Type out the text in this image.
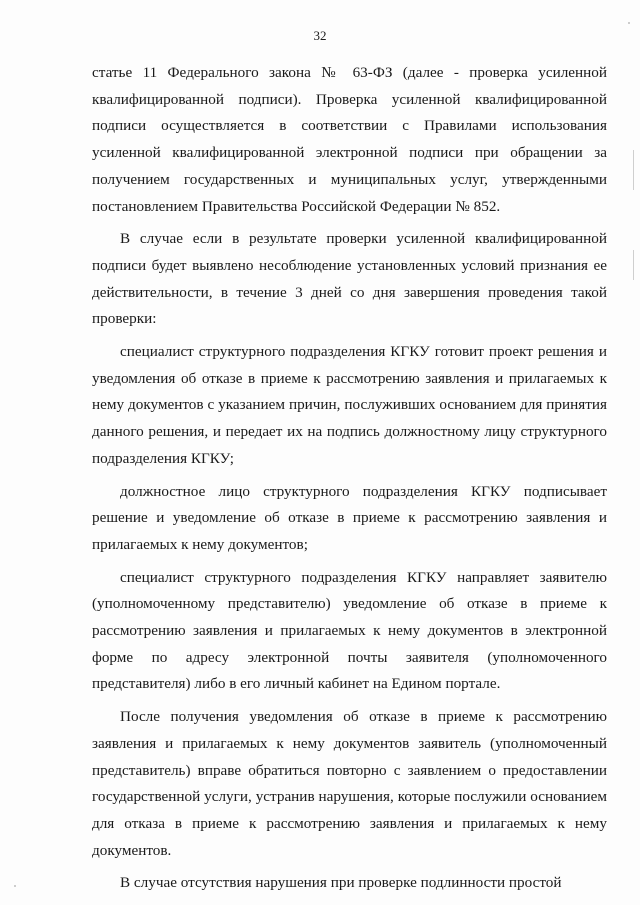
32

статье 11 Федерального закона № 63-ФЗ (далее - проверка усиленной квалифицированной подписи). Проверка усиленной квалифицированной подписи осуществляется в соответствии с Правилами использования усиленной квалифицированной электронной подписи при обращении за получением государственных и муниципальных услуг, утвержденными постановлением Правительства Российской Федерации № 852.

В случае если в результате проверки усиленной квалифицированной подписи будет выявлено несоблюдение установленных условий признания ее действительности, в течение 3 дней со дня завершения проведения такой проверки:

специалист структурного подразделения КГКУ готовит проект решения и уведомления об отказе в приеме к рассмотрению заявления и прилагаемых к нему документов с указанием причин, послуживших основанием для принятия данного решения, и передает их на подпись должностному лицу структурного подразделения КГКУ;

должностное лицо структурного подразделения КГКУ подписывает решение и уведомление об отказе в приеме к рассмотрению заявления и прилагаемых к нему документов;

специалист структурного подразделения КГКУ направляет заявителю (уполномоченному представителю) уведомление об отказе в приеме к рассмотрению заявления и прилагаемых к нему документов в электронной форме по адресу электронной почты заявителя (уполномоченного представителя) либо в его личный кабинет на Едином портале.

После получения уведомления об отказе в приеме к рассмотрению заявления и прилагаемых к нему документов заявитель (уполномоченный представитель) вправе обратиться повторно с заявлением о предоставлении государственной услуги, устранив нарушения, которые послужили основанием для отказа в приеме к рассмотрению заявления и прилагаемых к нему документов.

В случае отсутствия нарушения при проверке подлинности простой
